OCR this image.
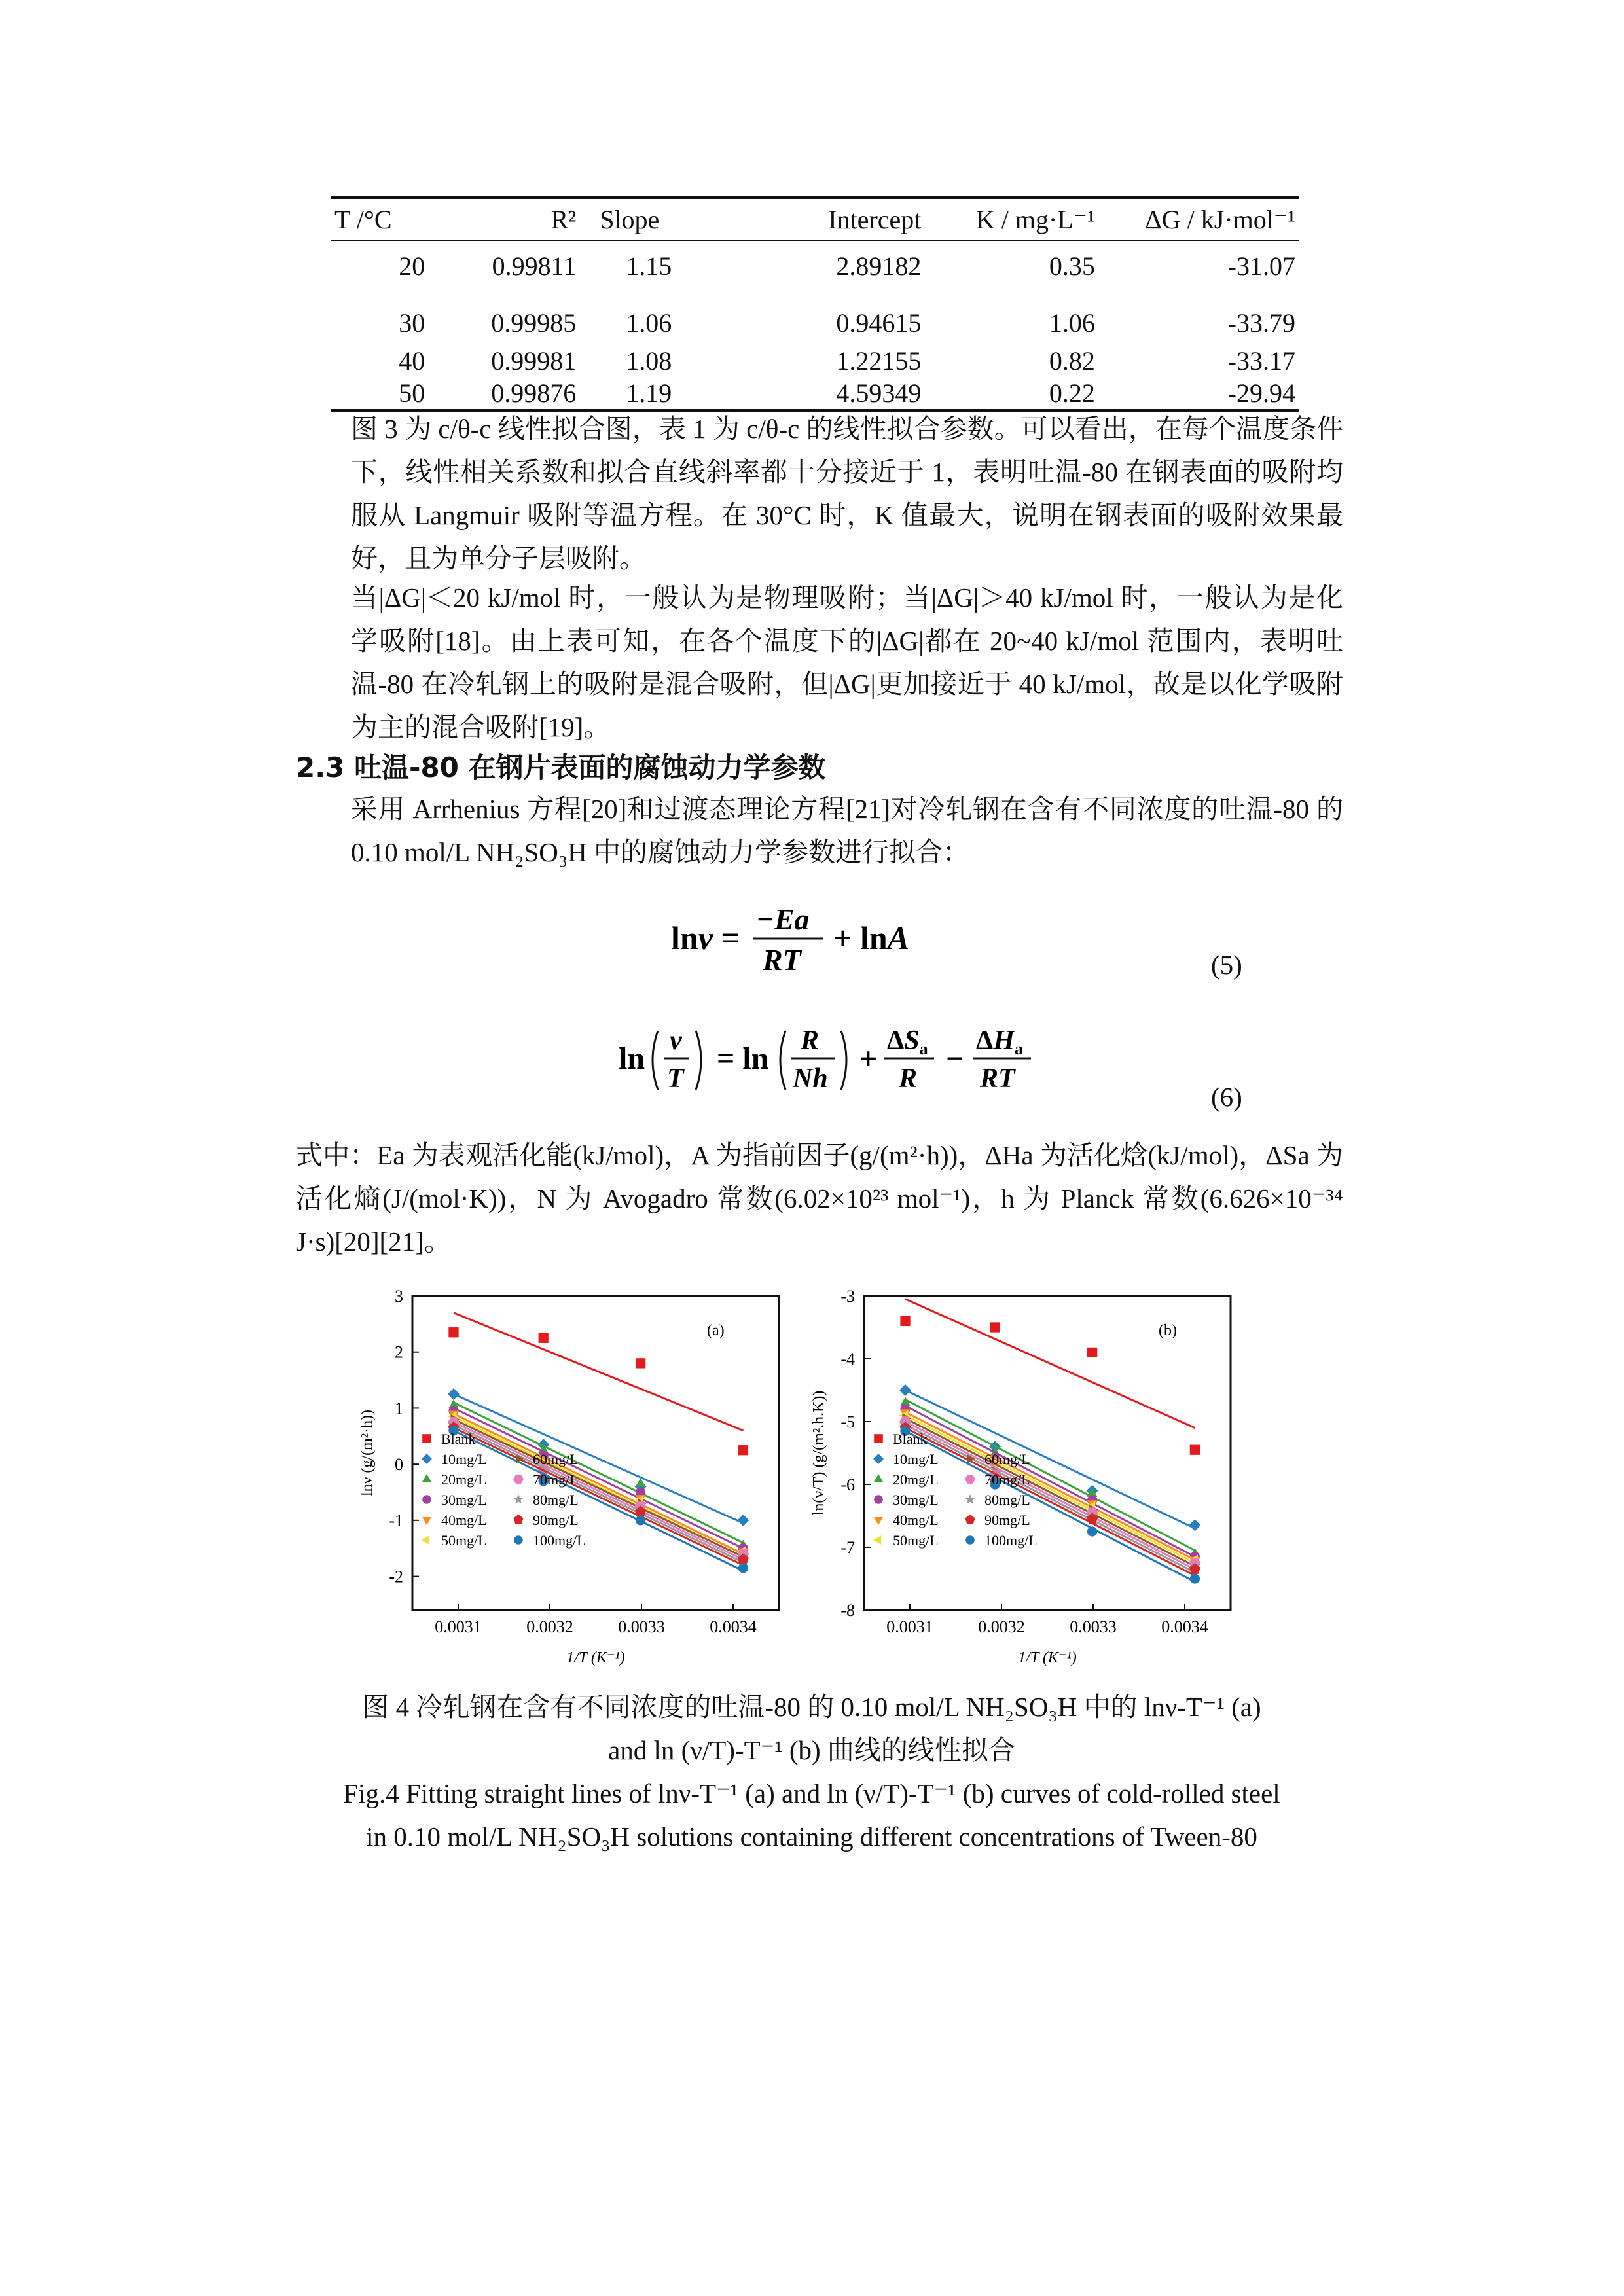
T /°C	R²	Slope	Intercept	K / mg·L⁻¹	ΔG / kJ·mol⁻¹
20	0.99811	1.15	2.89182	0.35	-31.07
30	0.99985	1.06	0.94615	1.06	-33.79
40	0.99981	1.08	1.22155	0.82	-33.17
50	0.99876	1.19	4.59349	0.22	-29.94
图 3 为 c/θ-c 线性拟合图，表 1 为 c/θ-c 的线性拟合参数。可以看出，在每个温度条件下，线性相关系数和拟合直线斜率都十分接近于 1，表明吐温-80 在钢表面的吸附均服从 Langmuir 吸附等温方程。在 30°C 时，K 值最大，说明在钢表面的吸附效果最好，且为单分子层吸附。
当|ΔG|＜20 kJ/mol 时，一般认为是物理吸附；当|ΔG|＞40 kJ/mol 时，一般认为是化学吸附[18]。由上表可知，在各个温度下的|ΔG|都在 20~40 kJ/mol 范围内，表明吐温-80 在冷轧钢上的吸附是混合吸附，但|ΔG|更加接近于 40 kJ/mol，故是以化学吸附为主的混合吸附[19]。
2.3 吐温-80 在钢片表面的腐蚀动力学参数
采用 Arrhenius 方程[20]和过渡态理论方程[21]对冷轧钢在含有不同浓度的吐温-80 的 0.10 mol/L NH₂SO₃H 中的腐蚀动力学参数进行拟合：
lnν =
−Ea
RT
+ lnA
(5)
ln
v
T
= ln
R
Nh
+
ΔSa
R
−
ΔHa
RT
(6)
式中：Ea 为表观活化能(kJ/mol)，A 为指前因子(g/(m²·h))，ΔHa 为活化焓(kJ/mol)，ΔSa 为活化熵(J/(mol·K))，N 为 Avogadro 常数(6.02×10²³ mol⁻¹)，h 为 Planck 常数(6.626×10⁻³⁴ J·s)[20][21]。
0.0031	0.0032	0.0033	0.0034
3
2
1
0
-1
-2
1/T (K⁻¹)
lnν (g/(m²·h))
(a)
Blank
10mg/L
20mg/L
30mg/L
40mg/L
50mg/L
60mg/L
70mg/L
80mg/L
90mg/L
100mg/L
0.0031	0.0032	0.0033	0.0034
-3
-4
-5
-6
-7
-8
1/T (K⁻¹)
ln(ν/T) (g/(m².h.K))
(b)
Blank
10mg/L
20mg/L
30mg/L
40mg/L
50mg/L
60mg/L
70mg/L
80mg/L
90mg/L
100mg/L
图 4 冷轧钢在含有不同浓度的吐温-80 的 0.10 mol/L NH₂SO₃H 中的 lnν-T⁻¹ (a)
and ln (ν/T)-T⁻¹ (b) 曲线的线性拟合
Fig.4 Fitting straight lines of lnν-T⁻¹ (a) and ln (ν/T)-T⁻¹ (b) curves of cold-rolled steel
in 0.10 mol/L NH₂SO₃H solutions containing different concentrations of Tween-80
